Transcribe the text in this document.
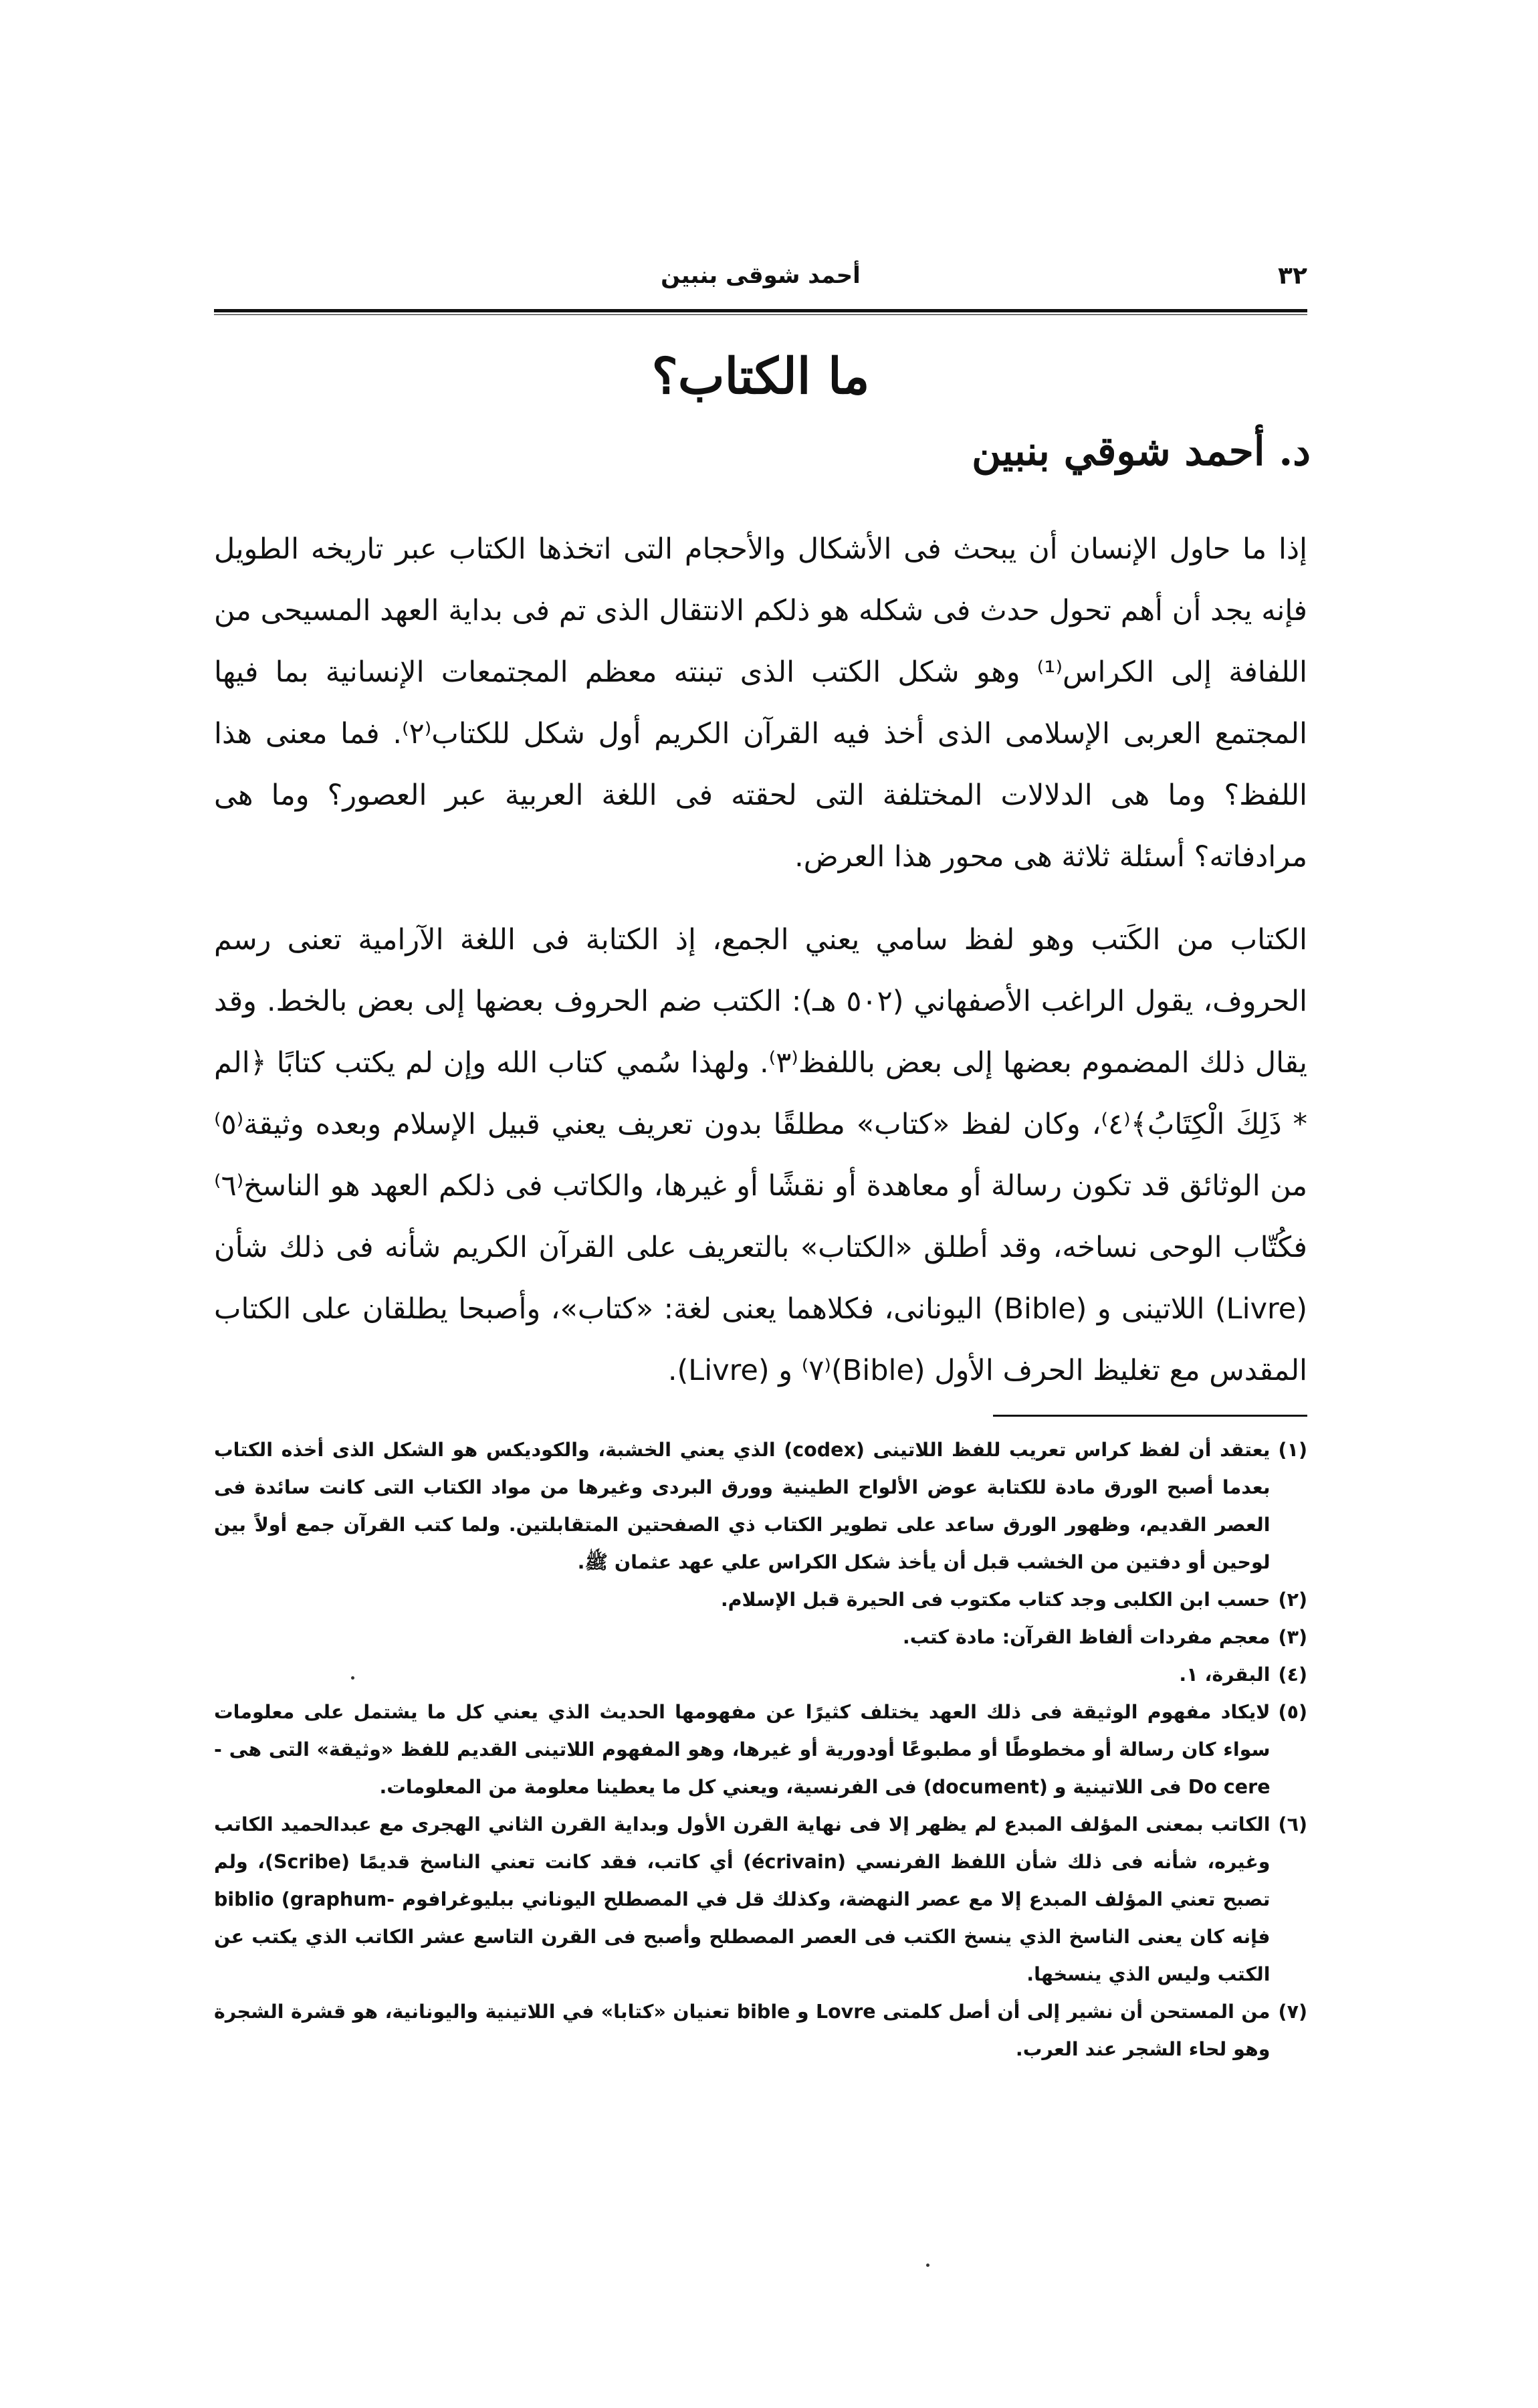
أحمد شوقى بنبين	٣٢
ما الكتاب؟
د. أحمد شوقي بنبين

إذا ما حاول الإنسان أن يبحث فى الأشكال والأحجام التى اتخذها الكتاب عبر تاريخه الطويل فإنه يجد أن أهم تحول حدث فى شكله هو ذلكم الانتقال الذى تم فى بداية العهد المسيحى من اللفافة إلى الكراس⁽¹⁾ وهو شكل الكتب الذى تبنته معظم المجتمعات الإنسانية بما فيها المجتمع العربى الإسلامى الذى أخذ فيه القرآن الكريم أول شكل للكتاب⁽٢⁾. فما معنى هذا اللفظ؟ وما هى الدلالات المختلفة التى لحقته فى اللغة العربية عبر العصور؟ وما هى مرادفاته؟ أسئلة ثلاثة هى محور هذا العرض.

الكتاب من الكَتب وهو لفظ سامي يعني الجمع، إذ الكتابة فى اللغة الآرامية تعنى رسم الحروف، يقول الراغب الأصفهاني (٥٠٢ هـ): الكتب ضم الحروف بعضها إلى بعض بالخط. وقد يقال ذلك المضموم بعضها إلى بعض باللفظ⁽٣⁾. ولهذا سُمي كتاب الله وإن لم يكتب كتابًا ﴿الم * ذَلِكَ الْكِتَابُ﴾⁽٤⁾، وكان لفظ «كتاب» مطلقًا بدون تعريف يعني قبيل الإسلام وبعده وثيقة⁽٥⁾ من الوثائق قد تكون رسالة أو معاهدة أو نقشًا أو غيرها، والكاتب فى ذلكم العهد هو الناسخ⁽٦⁾ فكُتّاب الوحى نساخه، وقد أطلق «الكتاب» بالتعريف على القرآن الكريم شأنه فى ذلك شأن (Livre) اللاتينى و (Bible) اليونانى، فكلاهما يعنى لغة: «كتاب»، وأصبحا يطلقان على الكتاب المقدس مع تغليظ الحرف الأول (Bible)⁽٧⁾ و (Livre).

(١)
يعتقد أن لفظ كراس تعريب للفظ اللاتينى (codex) الذي يعني الخشبة، والكوديكس هو الشكل الذى أخذه الكتاب بعدما أصبح الورق مادة للكتابة عوض الألواح الطينية وورق البردى وغيرها من مواد الكتاب التى كانت سائدة فى العصر القديم، وظهور الورق ساعد على تطوير الكتاب ذي الصفحتين المتقابلتين. ولما كتب القرآن جمع أولاً بين لوحين أو دفتين من الخشب قبل أن يأخذ شكل الكراس علي عهد عثمان ﷺ.
(٢)
حسب ابن الكلبى وجد كتاب مكتوب فى الحيرة قبل الإسلام.
(٣)
معجم مفردات ألفاظ القرآن: مادة كتب.
(٤)
البقرة، ١.
(٥)
لايكاد مفهوم الوثيقة فى ذلك العهد يختلف كثيرًا عن مفهومها الحديث الذي يعني كل ما يشتمل على معلومات سواء كان رسالة أو مخطوطًا أو مطبوعًا أودورية أو غيرها، وهو المفهوم اللاتينى القديم للفظ «وثيقة» التى هى -Do cere فى اللاتينية و (document) فى الفرنسية، ويعني كل ما يعطينا معلومة من المعلومات.
(٦)
الكاتب بمعنى المؤلف المبدع لم يظهر إلا فى نهاية القرن الأول وبداية القرن الثاني الهجرى مع عبدالحميد الكاتب وغيره، شأنه فى ذلك شأن اللفظ الفرنسي (écrivain) أي كاتب، فقد كانت تعني الناسخ قديمًا (Scribe)، ولم تصبح تعني المؤلف المبدع إلا مع عصر النهضة، وكذلك قل في المصطلح اليوناني ببليوغرافوم -biblio (graphum فإنه كان يعنى الناسخ الذي ينسخ الكتب فى العصر المصطلح وأصبح فى القرن التاسع عشر الكاتب الذي يكتب عن الكتب وليس الذي ينسخها.
(٧)
من المستحن أن نشير إلى أن أصل كلمتى Lovre و bible تعنيان «كتابا» في اللاتينية واليونانية، هو قشرة الشجرة وهو لحاء الشجر عند العرب.
